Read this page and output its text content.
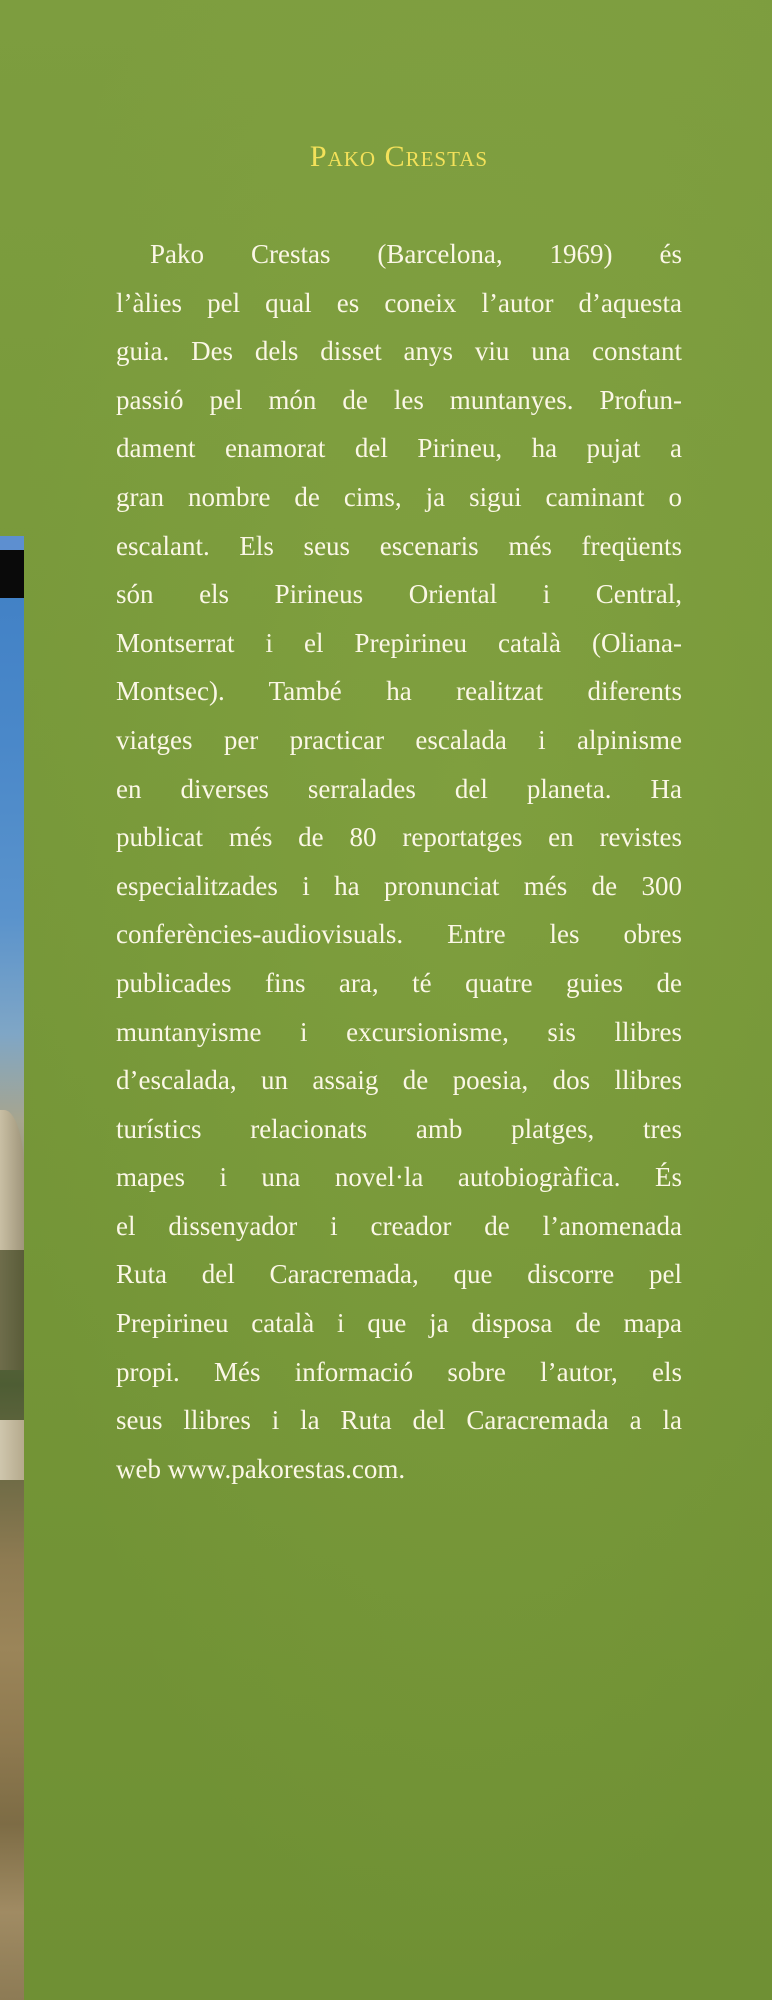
Pako Crestas
Pako Crestas (Barcelona, 1969) és
l’àlies pel qual es coneix l’autor d’aquesta
guia. Des dels disset anys viu una constant
passió pel món de les muntanyes. Profun-
dament enamorat del Pirineu, ha pujat a
gran nombre de cims, ja sigui caminant o
escalant. Els seus escenaris més freqüents
són els Pirineus Oriental i Central,
Montserrat i el Prepirineu català (Oliana-
Montsec). També ha realitzat diferents
viatges per practicar escalada i alpinisme
en diverses serralades del planeta. Ha
publicat més de 80 reportatges en revistes
especialitzades i ha pronunciat més de 300
conferències-audiovisuals. Entre les obres
publicades fins ara, té quatre guies de
muntanyisme i excursionisme, sis llibres
d’escalada, un assaig de poesia, dos llibres
turístics relacionats amb platges, tres
mapes i una novel·la autobiogràfica. És
el dissenyador i creador de l’anomenada
Ruta del Caracremada, que discorre pel
Prepirineu català i que ja disposa de mapa
propi. Més informació sobre l’autor, els
seus llibres i la Ruta del Caracremada a la
web www.pakorestas.com.
